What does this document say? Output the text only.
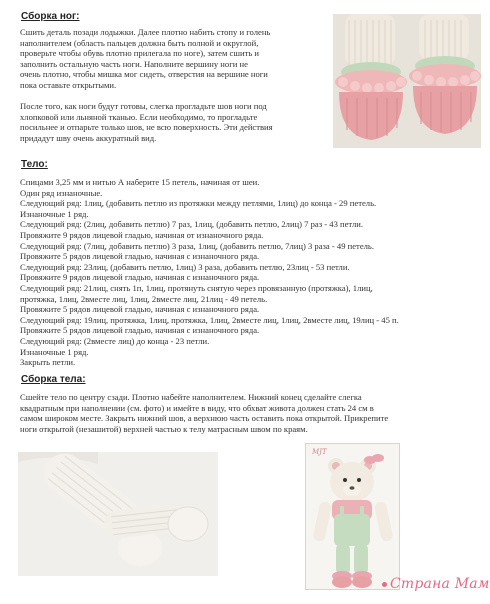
Сборка ног:
Сшить деталь позади лодыжки. Далее плотно набить стопу и голень
наполнителем (область пальцев должна быть полной и округлой,
проверьте чтобы обувь плотно прилегала по ноге), затем сшить и
заполнить остальную часть ноги. Наполните вершину ноги не
очень плотно, чтобы мишка мог сидеть, отверстия на вершине ноги
пока оставьте открытыми.

После того, как ноги будут готовы, слегка прогладьте шов ноги под
хлопковой или льняной тканью. Если необходимо, то прогладьте
посильнее и отпарьте только шов, не всю поверхность. Эти действия
придадут шву очень аккуратный вид.
Тело:
Спицами 3,25 мм и нитью А наберите 15 петель, начиная от шеи.
Один ряд изнаночные.
Следующий ряд: 1лиц, (добавить петлю из протяжки между петлями, 1лиц) до конца - 29 петель.
Изнаночные 1 ряд.
Следующий ряд: (2лиц, добавить петлю) 7 раз, 1лиц, (добавить петлю, 2лиц) 7 раз - 43 петли.
Провяжите 9 рядов лицевой гладью, начиная от изнаночного ряда.
Следующий ряд: (7лиц, добавить петлю) 3 раза, 1лиц, (добавить петлю, 7лиц) 3 раза - 49 петель.
Провяжите 5 рядов лицевой гладью, начиная с изнаночного ряда.
Следующий ряд: 23лиц, (добавить петлю, 1лиц) 3 раза, добавить петлю, 23лиц - 53 петли.
Провяжите 9 рядов лицевой гладью, начиная с изнаночного ряда.
Следующий ряд: 21лиц, снять 1п, 1лиц, протянуть снятую через провязанную (протяжка), 1лиц,
протяжка, 1лиц, 2вместе лиц, 1лиц, 2вместе лиц, 21лиц - 49 петель.
Провяжите 5 рядов лицевой гладью, начиная с изнаночного ряда.
Следующий ряд: 19лиц, протяжка, 1лиц, протяжка, 1лиц, 2вместе лиц, 1лиц, 2вместе лиц, 19лиц - 45 п.
Провяжите 5 рядов лицевой гладью, начиная с изнаночного ряда.
Следующий ряд: (2вместе лиц) до конца - 23 петли.
Изнаночные 1 ряд.
Закрыть петли.
Сборка тела:
Сшейте тело по центру сзади. Плотно набейте наполнителем. Нижний конец сделайте слегка
квадратным при наполнении (см. фото) и имейте в виду, что обхват живота должен стать 24 см в
самом широком месте. Закрыть нижний шов, а верхнюю часть оставить пока открытой. Прикрепите
ноги открытой (незашитой) верхней частью к телу матрасным швом по краям.
MJT
Страна Мам
